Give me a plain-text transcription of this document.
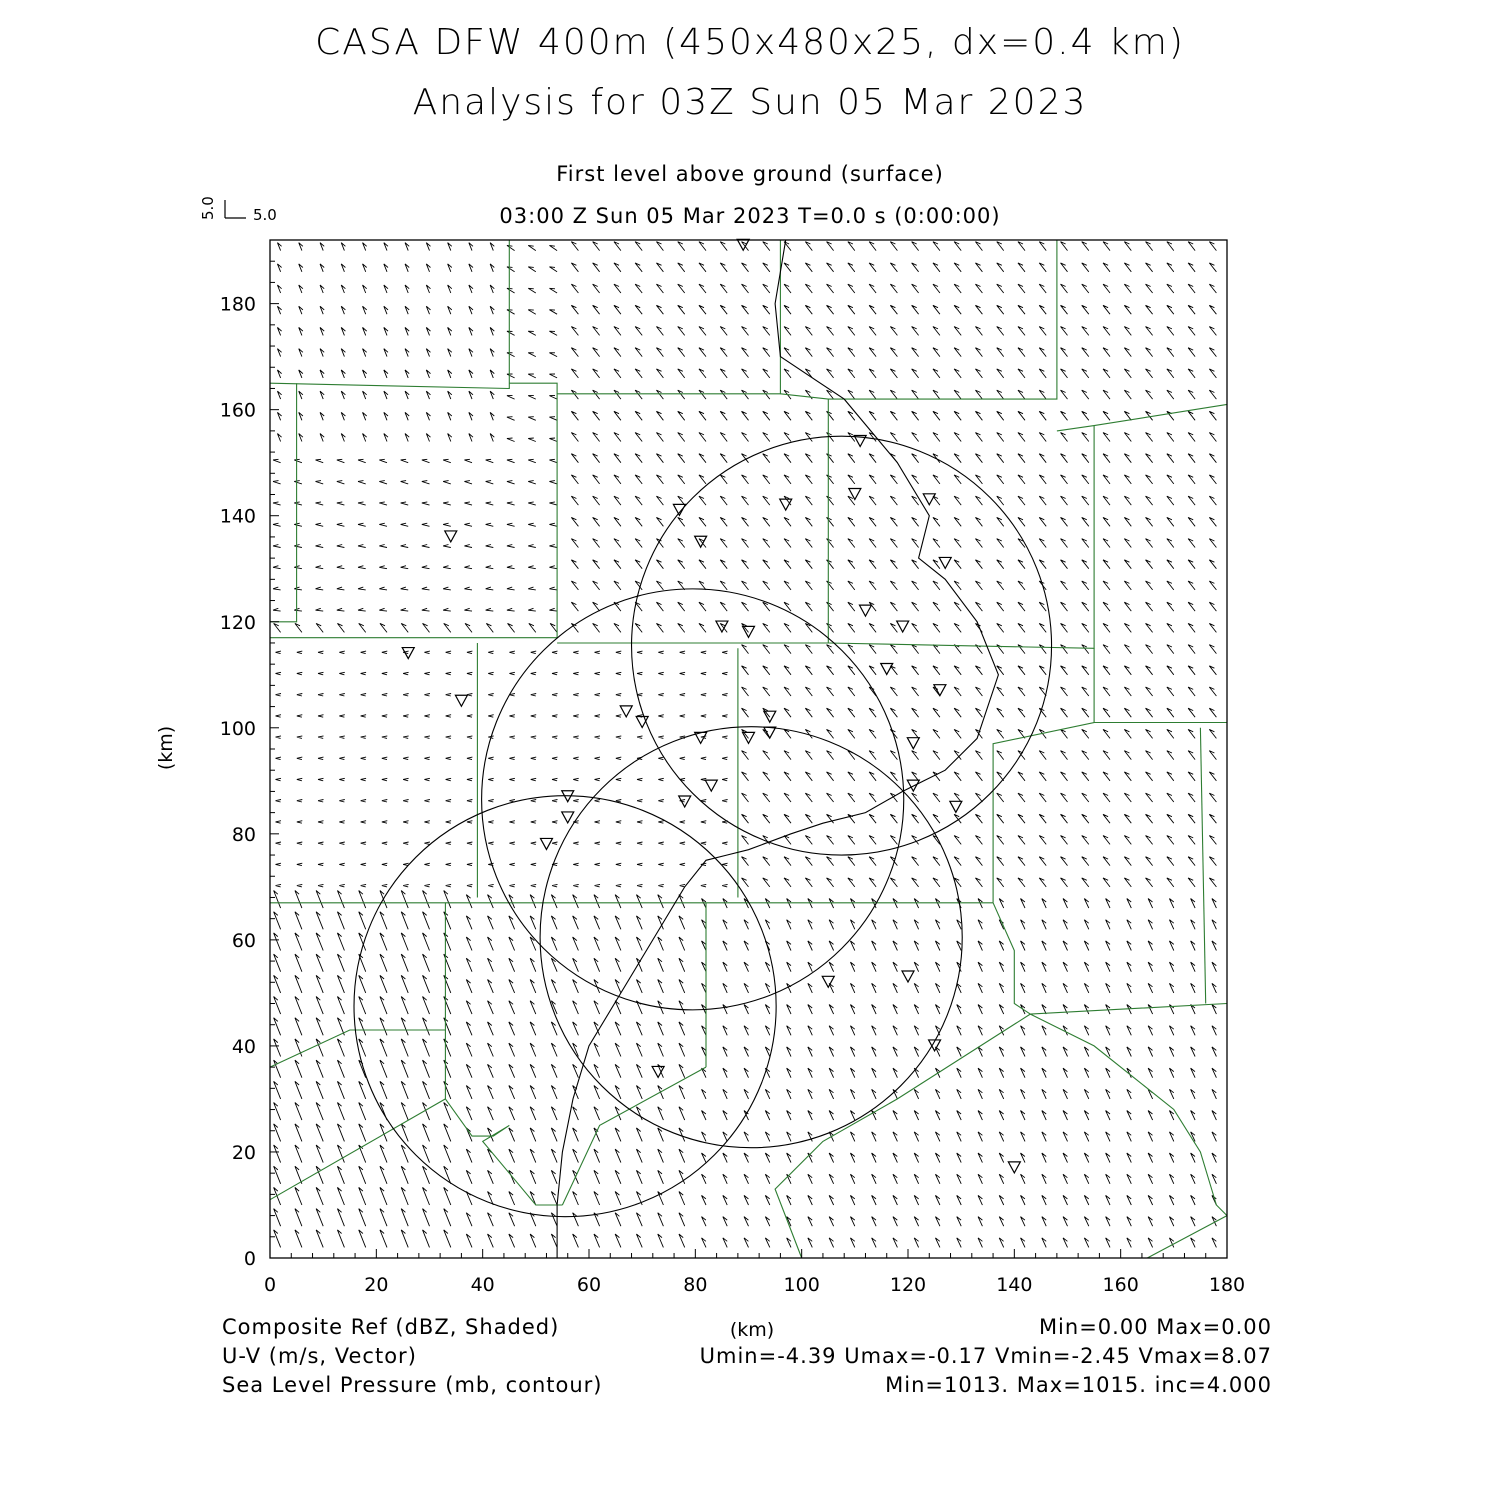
CASA DFW 400m (450x480x25, dx=0.4 km)
Analysis for 03Z Sun 05 Mar 2023
First level above ground (surface)
03:00 Z Sun 05 Mar 2023 T=0.0 s (0:00:00)
0	20	40	60	80	100	120	140	160	180
0
20
40
60
80
100
120
140
160
180
(km)
(km)
5.0 5.0
Composite Ref (dBZ, Shaded)	Min=0.00 Max=0.00
U-V (m/s, Vector)	Umin=-4.39 Umax=-0.17 Vmin=-2.45 Vmax=8.07
Sea Level Pressure (mb, contour)	Min=1013. Max=1015. inc=4.000
